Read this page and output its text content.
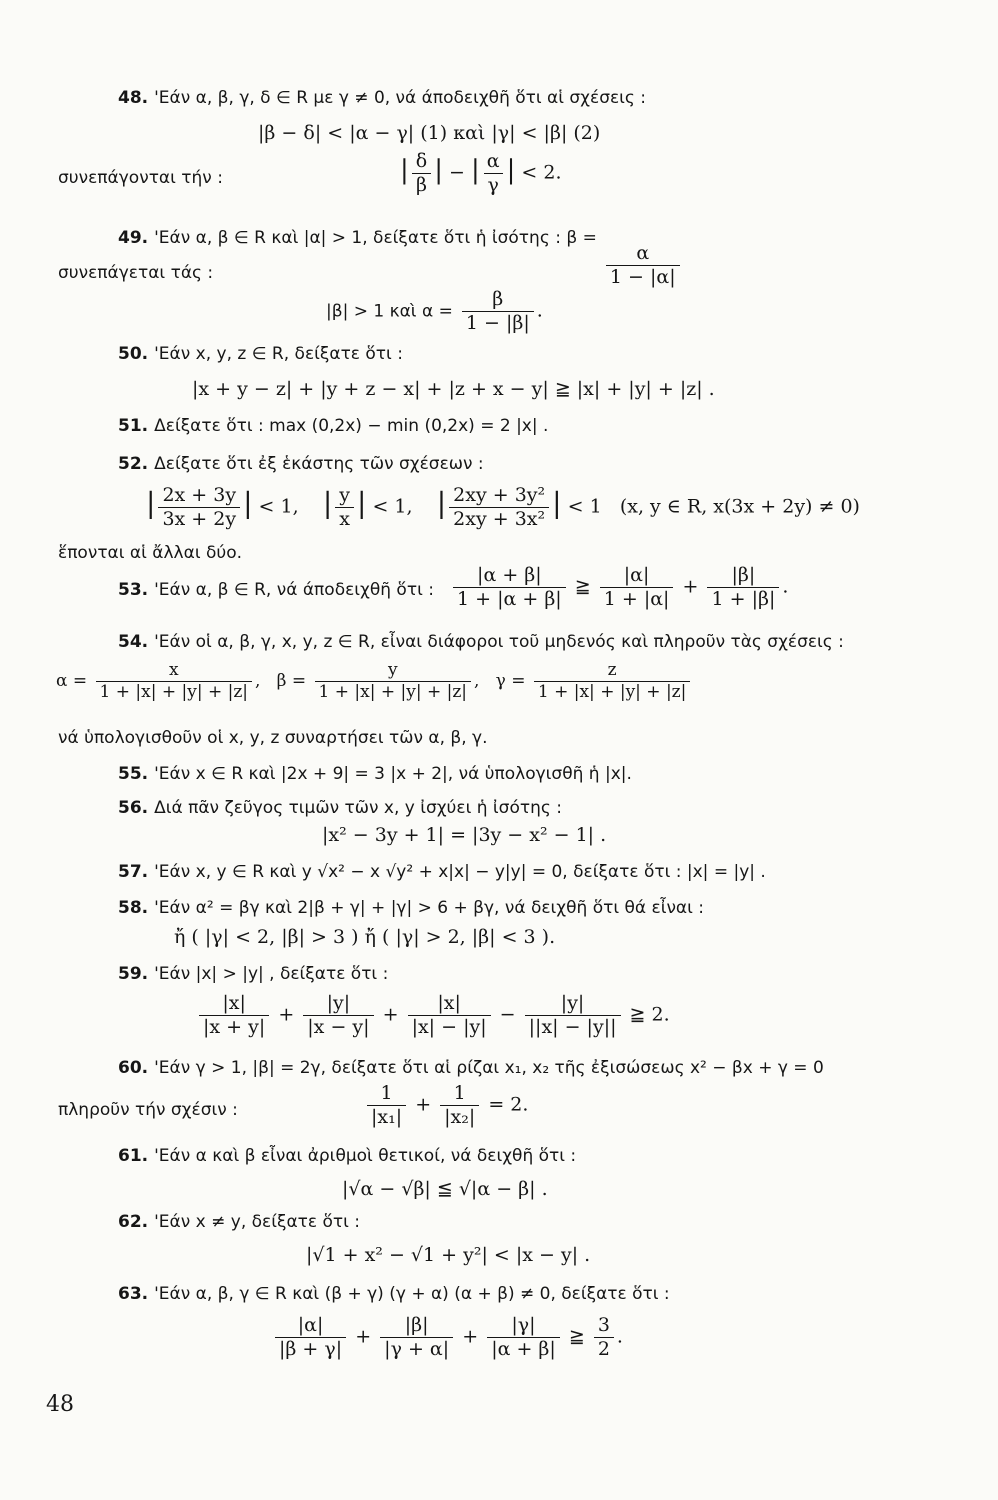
48. 'Εάν α, β, γ, δ ∈ R με γ ≠ 0, νά άποδειχθῆ ὅτι αἱ σχέσεις :
|β − δ| < |α − γ| (1) καὶ |γ| < |β| (2)
συνεπάγονται τήν :	| $\frac{\delta}{\beta}$ | − | $\frac{\alpha}{\gamma}$ | < 2.
49. 'Εάν α, β ∈ R καὶ |α| > 1, δείξατε ὅτι ἡ ἰσότης : β =
$\frac{\alpha}{1 - |\alpha|}$
συνεπάγεται τάς :
|β| > 1 καὶ $\alpha = \frac{\beta}{1 - |\beta|}$ .
50. 'Εάν x, y, z ∈ R, δείξατε ὅτι :
|x + y − z| + |y + z − x| + |z + x − y| ≧ |x| + |y| + |z| .
51. Δείξατε ὅτι : max (0,2x) − min (0,2x) = 2 |x| .
52. Δείξατε ὅτι ἐξ ἑκάστης τῶν σχέσεων :
| $\frac{2x + 3y}{3x + 2y}$ | < 1, | $\frac{y}{x}$ | < 1, | $\frac{\text{2xy + 3y²}}{\text{2xy + 3x²}}$ | < 1 (x, y ∈ R, x(3x + 2y) ≠ 0)
ἕπονται αἱ ἄλλαι δύο.
53. 'Εάν α, β ∈ R, νά άποδειχθῆ ὅτι : $\frac{|\alpha + \beta|}{1 + |\alpha + \beta|}$ ≧ $\frac{|\alpha|}{1 + |\alpha|} + \frac{|\beta|}{1 + |\beta|}$ .
54. 'Εάν οἱ α, β, γ, x, y, z ∈ R, εἶναι διάφοροι τοῦ μηδενός καὶ πληροῦν τὰς σχέσεις :
$\alpha = \frac{x}{1 + |x| + |y| + |z|}$ ,   $\beta = \frac{y}{1 + |x| + |y| + |z|}$ ,   $\gamma = \frac{z}{1 + |x| + |y| + |z|}$
νά ὑπολογισθοῦν οἱ x, y, z συναρτήσει τῶν α, β, γ.
55. 'Εάν x ∈ R καὶ |2x + 9| = 3 |x + 2|, νά ὑπολογισθῆ ἡ |x|.
56. Διά πᾶν ζεῦγος τιμῶν τῶν x, y ἰσχύει ἡ ἰσότης :
|x² − 3y + 1| = |3y − x² − 1| .
57. 'Εάν x, y ∈ R καὶ y √x² − x √y² + x|x| − y|y| = 0, δείξατε ὅτι : |x| = |y| .
58. 'Εάν α² = βγ καὶ 2|β + γ| + |γ| > 6 + βγ, νά δειχθῆ ὅτι θά εἶναι :
ἤ ( |γ| < 2, |β| > 3 ) ἤ ( |γ| > 2, |β| < 3 ).
59. 'Εάν |x| > |y| , δείξατε ὅτι :
$\frac{|x|}{|x + y|} + \frac{|y|}{|x - y|} + \frac{|x|}{|x| - |y|} - \frac{|y|}{||x| - |y||}$ ≧ 2.
60. 'Εάν γ > 1, |β| = 2γ, δείξατε ὅτι αἱ ρίζαι x₁, x₂ τῆς ἐξισώσεως x² − βx + γ = 0
πληροῦν τήν σχέσιν :	$\frac{1}{\text{|x₁|}} + \frac{1}{\text{|x₂|}} = 2$.
61. 'Εάν α καὶ β εἶναι ἀριθμοὶ θετικοί, νά δειχθῆ ὅτι :
|√α − √β| ≦ √|α − β| .
62. 'Εάν x ≠ y, δείξατε ὅτι :
|√1 + x² − √1 + y²| < |x − y| .
63. 'Εάν α, β, γ ∈ R καὶ (β + γ) (γ + α) (α + β) ≠ 0, δείξατε ὅτι :
$\frac{|\alpha|}{|\beta + \gamma|} + \frac{|\beta|}{|\gamma + \alpha|} + \frac{|\gamma|}{|\alpha + \beta|}$ ≧ $\frac{3}{2}$ .
48
